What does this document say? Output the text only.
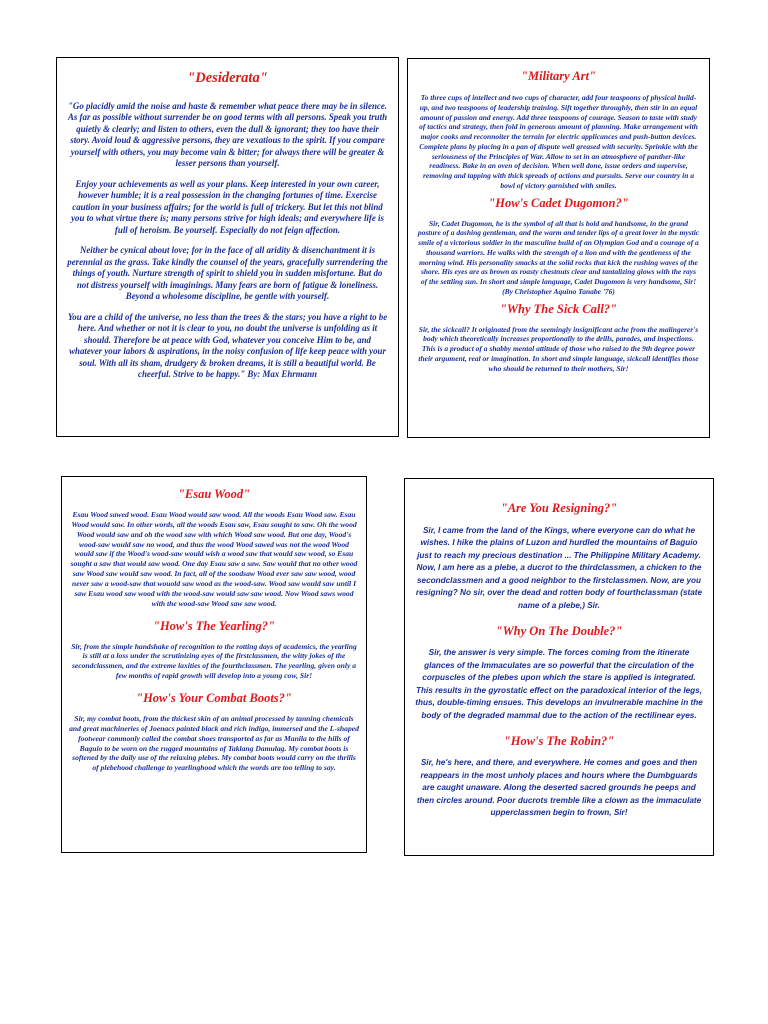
"Desiderata"

"Go placidly amid the noise and haste & remember what peace there may be in silence. As far as possible without surrender be on good terms with all persons. Speak you truth quietly & clearly; and listen to others, even the dull & ignorant; they too have their story. Avoid loud & aggressive persons, they are vexatious to the spirit. If you compare yourself with others, you may become vain & bitter; for always there will be greater & lesser persons than yourself.

Enjoy your achievements as well as your plans. Keep interested in your own career, however humble; it is a real possession in the changing fortunes of time. Exercise caution in your business affairs; for the world is full of trickery. But let this not blind you to what virtue there is; many persons strive for high ideals; and everywhere life is full of heroism. Be yourself. Especially do not feign affection.

Neither be cynical about love; for in the face of all aridity & disenchantment it is perennial as the grass. Take kindly the counsel of the years, gracefully surrendering the things of youth. Nurture strength of spirit to shield you in sudden misfortune. But do not distress yourself with imaginings. Many fears are born of fatigue & loneliness. Beyond a wholesome discipline, be gentle with yourself.

You are a child of the universe, no less than the trees & the stars; you have a right to be here. And whether or not it is clear to you, no doubt the universe is unfolding as it should. Therefore be at peace with God, whatever you conceive Him to be, and whatever your labors & aspirations, in the noisy confusion of life keep peace with your soul. With all its sham, drudgery & broken dreams, it is still a beautiful world. Be cheerful. Strive to be happy." By: Max Ehrmann

"Military Art"

To three cups of intellect and two cups of character, add four teaspoons of physical build-up, and two teaspoons of leadership training. Sift together throughly, then stir in an equal amount of passion and energy. Add three teaspoons of courage. Season to taste with study of tactics and strategy, then fold in generous amount of planning. Make arrangement with major cooks and reconnoiter the terrain for electric applicances and push-button devices. Complete plans by placing in a pan of dispute well greased with security. Sprinkle with the seriousness of the Principles of War. Allow to set in an atmosphere of panther-like readiness. Bake in an oven of decision. When well done, issue orders and supervise, removing and tapping with thick spreads of actions and pursuits. Serve our country in a bowl of victory garnished with smiles.

"How's Cadet Dugomon?"

Sir, Cadet Dugomon, he is the symbol of all that is bold and handsome, in the grand posture of a dashing gentleman, and the warm and tender lips of a great lover in the mystic smile of a victorious soldier in the masculine build of an Olympian God and a courage of a thousand warriors. He walks with the strength of a lion and with the gentleness of the morning wind. His personality smacks at the solid rocks that kick the rushing waves of the shore. His eyes are as brown as roasty chestnuts clear and tantalizing glows with the rays of the settling sun. In short and simple language, Cadet Dugomon is very handsome, Sir! (By Christopher Aquino Tanabe '76)

"Why The Sick Call?"

Sir, the sickcall? It originated from the seemingly insignificant ache from the malingerer's body which theoretically increases proportionally to the drills, parades, and inspections. This is a product of a shabby mental attitude of those who raised to the 9th degree power their argument, real or imagination. In short and simple language, sickcall identifies those who should be returned to their mothers, Sir!

"Esau Wood"

Esau Wood sawed wood. Esau Wood would saw wood. All the woods Esau Wood saw. Esau Wood would saw. In other words, all the woods Esau saw, Esau sought to saw. Oh the wood Wood would saw and oh the wood saw with which Wood saw wood. But one day, Wood's wood-saw would saw no wood, and thus the wood Wood sawed was not the wood Wood would saw if the Wood's wood-saw would wish a wood saw that would saw wood, so Esau sought a saw that would saw wood. One day Esau saw a saw. Saw would that no other wood saw Wood saw would saw wood. In fact, all of the soodsaw Wood ever saw saw wood, wood never saw a wood-saw that wouold saw wood as the wood-saw. Wood saw would saw until I saw Esau wood saw wood with the wood-saw would saw saw wood. Now Wood saws wood with the wood-saw Wood saw saw wood.

"How's The Yearling?"

Sir, from the simple handshake of recognition to the rotting days of academics, the yearling is still at a loss under the scrutinizing eyes of the firstclassmen, the witty jokes of the secondclassmen, and the extreme laxities of the fourthclassmen. The yearling, given only a few months of rapid growth will develop into a young cow, Sir!

"How's Your Combat Boots?"

Sir, my combat boots, from the thickest skin of an animal processed by tanning chemicals and great machineries of Joenacs painted black and rich indigo, immersed and the L-shaped footwear commonly called the combat shoes transported as far as Manila to the hills of Baguio to be worn on the rugged mountains of Taklang Damulag. My combat boots is softened by the daily use of the relaxing plebes. My combat boots would carry on the thrills of plebehood challenge to yearlinghood which the words are too telling to say.

"Are You Resigning?"

Sir, I came from the land of the Kings, where everyone can do what he wishes. I hike the plains of Luzon and hurdled the mountains of Baguio just to reach my precious destination ... The Philippine Military Academy. Now, I am here as a plebe, a ducrot to the thirdclassmen, a chicken to the secondclassmen and a good neighbor to the firstclassmen. Now, are you resigning? No sir, over the dead and rotten body of fourthclassman (state name of a plebe,) Sir.

"Why On The Double?"

Sir, the answer is very simple. The forces coming from the itinerate glances of the Immaculates are so powerful that the circulation of the corpuscles of the plebes upon which the stare is applied is integrated. This results in the gyrostatic effect on the paradoxical interior of the legs, thus, double-timing ensues. This develops an invulnerable machine in the body of the degraded mammal due to the action of the rectilinear eyes.

"How's The Robin?"

Sir, he's here, and there, and everywhere. He comes and goes and then reappears in the most unholy places and hours where the Dumbguards are caught unaware. Along the deserted sacred grounds he peeps and then circles around. Poor ducrots tremble like a clown as the immaculate upperclassmen begin to frown, Sir!
